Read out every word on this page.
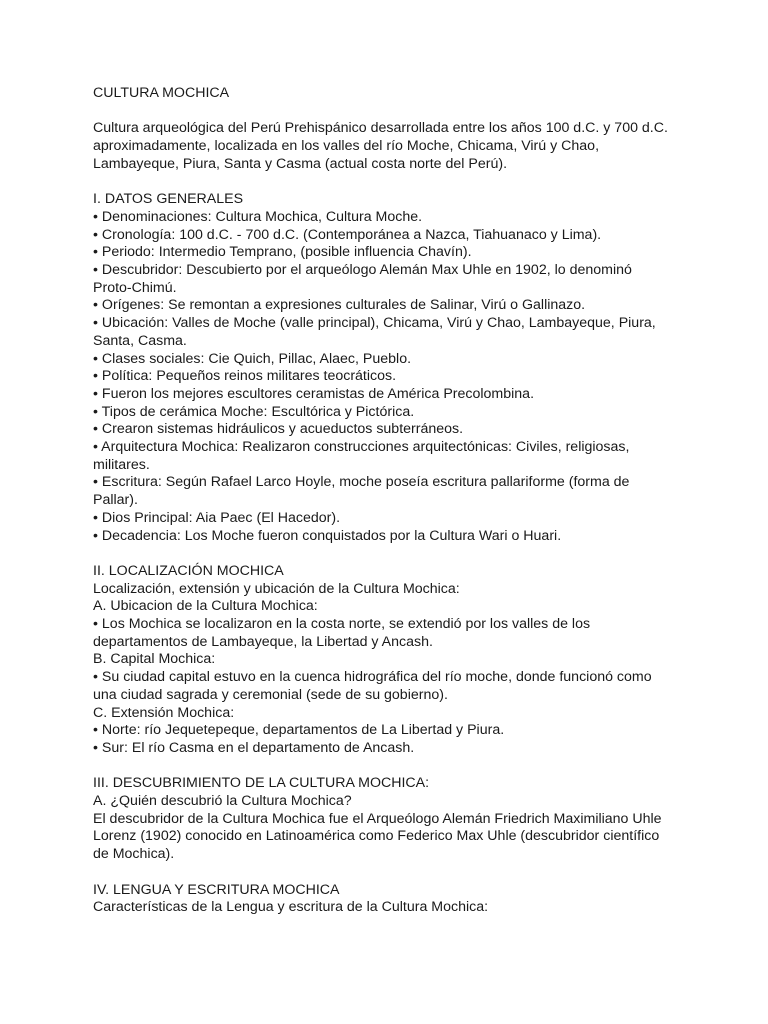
CULTURA MOCHICA

Cultura arqueológica del Perú Prehispánico desarrollada entre los años 100 d.C. y 700 d.C.

aproximadamente, localizada en los valles del río Moche, Chicama, Virú y Chao,

Lambayeque, Piura, Santa y Casma (actual costa norte del Perú).

I. DATOS GENERALES

• Denominaciones: Cultura Mochica, Cultura Moche.

• Cronología: 100 d.C. - 700 d.C. (Contemporánea a Nazca, Tiahuanaco y Lima).

• Periodo: Intermedio Temprano, (posible influencia Chavín).

• Descubridor: Descubierto por el arqueólogo Alemán Max Uhle en 1902, lo denominó

Proto-Chimú.

• Orígenes: Se remontan a expresiones culturales de Salinar, Virú o Gallinazo.

• Ubicación: Valles de Moche (valle principal), Chicama, Virú y Chao, Lambayeque, Piura,

Santa, Casma.

• Clases sociales: Cie Quich, Pillac, Alaec, Pueblo.

• Política: Pequeños reinos militares teocráticos.

• Fueron los mejores escultores ceramistas de América Precolombina.

• Tipos de cerámica Moche: Escultórica y Pictórica.

• Crearon sistemas hidráulicos y acueductos subterráneos.

• Arquitectura Mochica: Realizaron construcciones arquitectónicas: Civiles, religiosas,

militares.

• Escritura: Según Rafael Larco Hoyle, moche poseía escritura pallariforme (forma de

Pallar).

• Dios Principal: Aia Paec (El Hacedor).

• Decadencia: Los Moche fueron conquistados por la Cultura Wari o Huari.

II. LOCALIZACIÓN MOCHICA

Localización, extensión y ubicación de la Cultura Mochica:

A. Ubicacion de la Cultura Mochica:

• Los Mochica se localizaron en la costa norte, se extendió por los valles de los

departamentos de Lambayeque, la Libertad y Ancash.

B. Capital Mochica:

• Su ciudad capital estuvo en la cuenca hidrográfica del río moche, donde funcionó como

una ciudad sagrada y ceremonial (sede de su gobierno).

C. Extensión Mochica:

• Norte: río Jequetepeque, departamentos de La Libertad y Piura.

• Sur: El río Casma en el departamento de Ancash.

III. DESCUBRIMIENTO DE LA CULTURA MOCHICA:

A. ¿Quién descubrió la Cultura Mochica?

El descubridor de la Cultura Mochica fue el Arqueólogo Alemán Friedrich Maximiliano Uhle

Lorenz (1902) conocido en Latinoamérica como Federico Max Uhle (descubridor científico

de Mochica).

IV. LENGUA Y ESCRITURA MOCHICA

Características de la Lengua y escritura de la Cultura Mochica:
